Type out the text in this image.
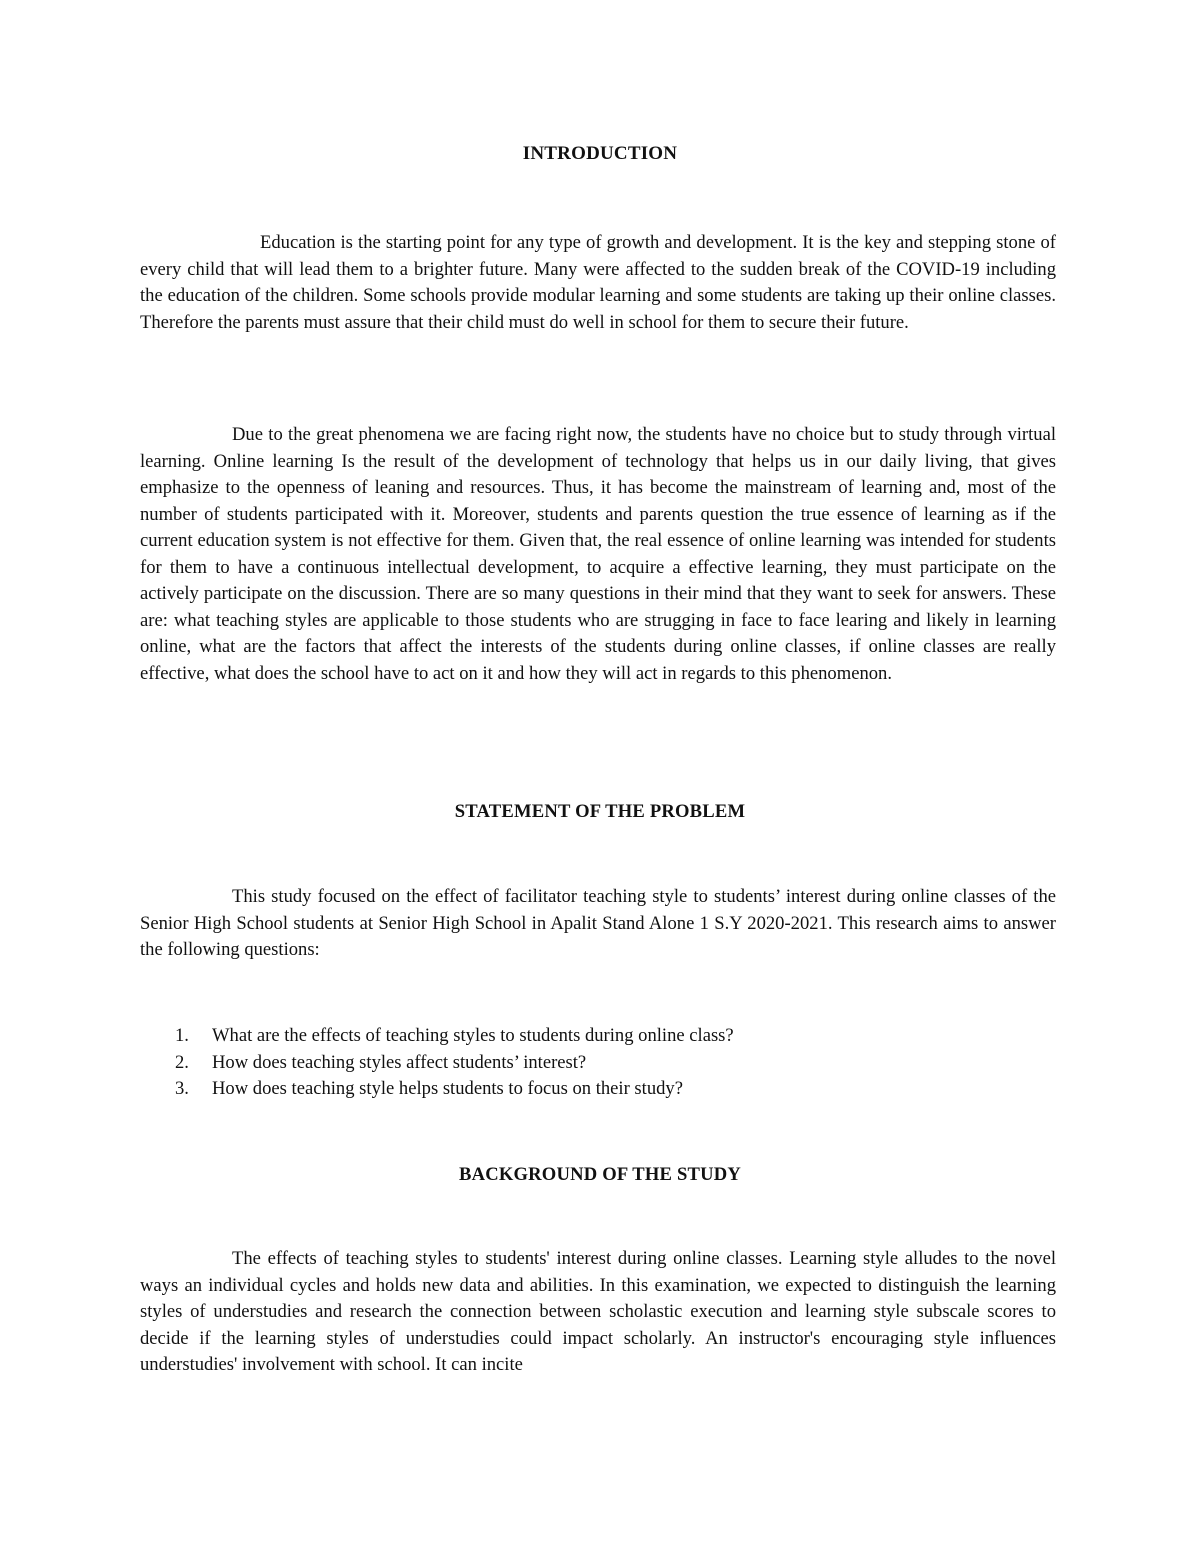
INTRODUCTION

Education is the starting point for any type of growth and development. It is the key and stepping stone of every child that will lead them to a brighter future. Many were affected to the sudden break of the COVID-19 including the education of the children. Some schools provide modular learning and some students are taking up their online classes. Therefore the parents must assure that their child must do well in school for them to secure their future.

Due to the great phenomena we are facing right now, the students have no choice but to study through virtual learning. Online learning Is the result of the development of technology that helps us in our daily living, that gives emphasize to the openness of leaning and resources. Thus, it has become the mainstream of learning and, most of the number of students participated with it. Moreover, students and parents question the true essence of learning as if the current education system is not effective for them. Given that, the real essence of online learning was intended for students for them to have a continuous intellectual development, to acquire a effective learning, they must participate on the actively participate on the discussion. There are so many questions in their mind that they want to seek for answers. These are: what teaching styles are applicable to those students who are strugging in face to face learing and likely in learning online, what are the factors that affect the interests of the students during online classes, if online classes are really effective, what does the school have to act on it and how they will act in regards to this phenomenon.

STATEMENT OF THE PROBLEM

This study focused on the effect of facilitator teaching style to students’ interest during online classes of the Senior High School students at Senior High School in Apalit Stand Alone 1 S.Y 2020-2021. This research aims to answer the following questions:

1. What are the effects of teaching styles to students during online class?
2. How does teaching styles affect students’ interest?
3. How does teaching style helps students to focus on their study?
BACKGROUND OF THE STUDY

The effects of teaching styles to students' interest during online classes. Learning style alludes to the novel ways an individual cycles and holds new data and abilities. In this examination, we expected to distinguish the learning styles of understudies and research the connection between scholastic execution and learning style subscale scores to decide if the learning styles of understudies could impact scholarly. An instructor's encouraging style influences understudies' involvement with school. It can incite
